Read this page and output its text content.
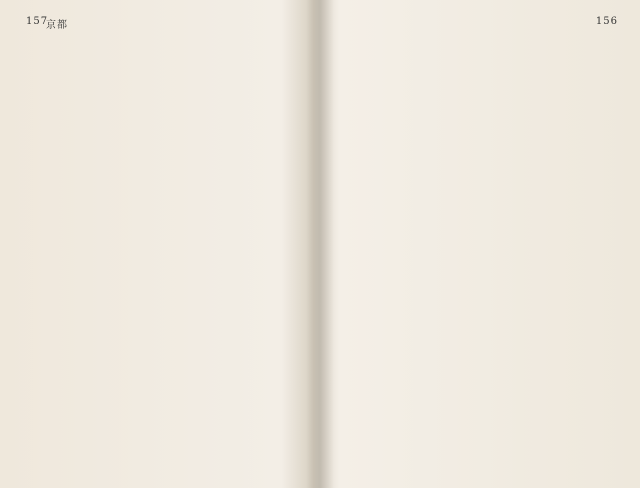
157
京都	156
